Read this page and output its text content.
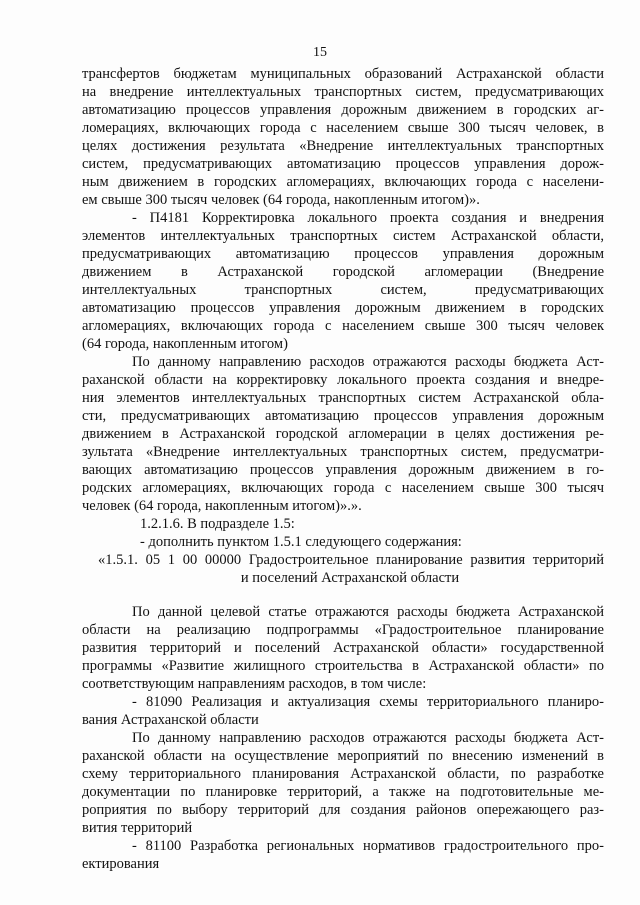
15
трансфертов бюджетам муниципальных образований Астраханской области
на внедрение интеллектуальных транспортных систем, предусматривающих
автоматизацию процессов управления дорожным движением в городских аг-
ломерациях, включающих города с населением свыше 300 тысяч человек, в
целях достижения результата «Внедрение интеллектуальных транспортных
систем, предусматривающих автоматизацию процессов управления дорож-
ным движением в городских агломерациях, включающих города с населени-
ем свыше 300 тысяч человек (64 города, накопленным итогом)».
- П4181 Корректировка локального проекта создания и внедрения
элементов интеллектуальных транспортных систем Астраханской области,
предусматривающих автоматизацию процессов управления дорожным
движением в Астраханской городской агломерации (Внедрение
интеллектуальных транспортных систем, предусматривающих
автоматизацию процессов управления дорожным движением в городских
агломерациях, включающих города с населением свыше 300 тысяч человек
(64 города, накопленным итогом)
По данному направлению расходов отражаются расходы бюджета Аст-
раханской области на корректировку локального проекта создания и внедре-
ния элементов интеллектуальных транспортных систем Астраханской обла-
сти, предусматривающих автоматизацию процессов управления дорожным
движением в Астраханской городской агломерации в целях достижения ре-
зультата «Внедрение интеллектуальных транспортных систем, предусматри-
вающих автоматизацию процессов управления дорожным движением в го-
родских агломерациях, включающих города с населением свыше 300 тысяч
человек (64 города, накопленным итогом)».».
1.2.1.6. В подразделе 1.5:
- дополнить пунктом 1.5.1 следующего содержания:
«1.5.1. 05 1 00 00000 Градостроительное планирование развития территорий
и поселений Астраханской области
По данной целевой статье отражаются расходы бюджета Астраханской
области на реализацию подпрограммы «Градостроительное планирование
развития территорий и поселений Астраханской области» государственной
программы «Развитие жилищного строительства в Астраханской области» по
соответствующим направлениям расходов, в том числе:
- 81090 Реализация и актуализация схемы территориального планиро-
вания Астраханской области
По данному направлению расходов отражаются расходы бюджета Аст-
раханской области на осуществление мероприятий по внесению изменений в
схему территориального планирования Астраханской области, по разработке
документации по планировке территорий, а также на подготовительные ме-
роприятия по выбору территорий для создания районов опережающего раз-
вития территорий
- 81100 Разработка региональных нормативов градостроительного про-
ектирования
